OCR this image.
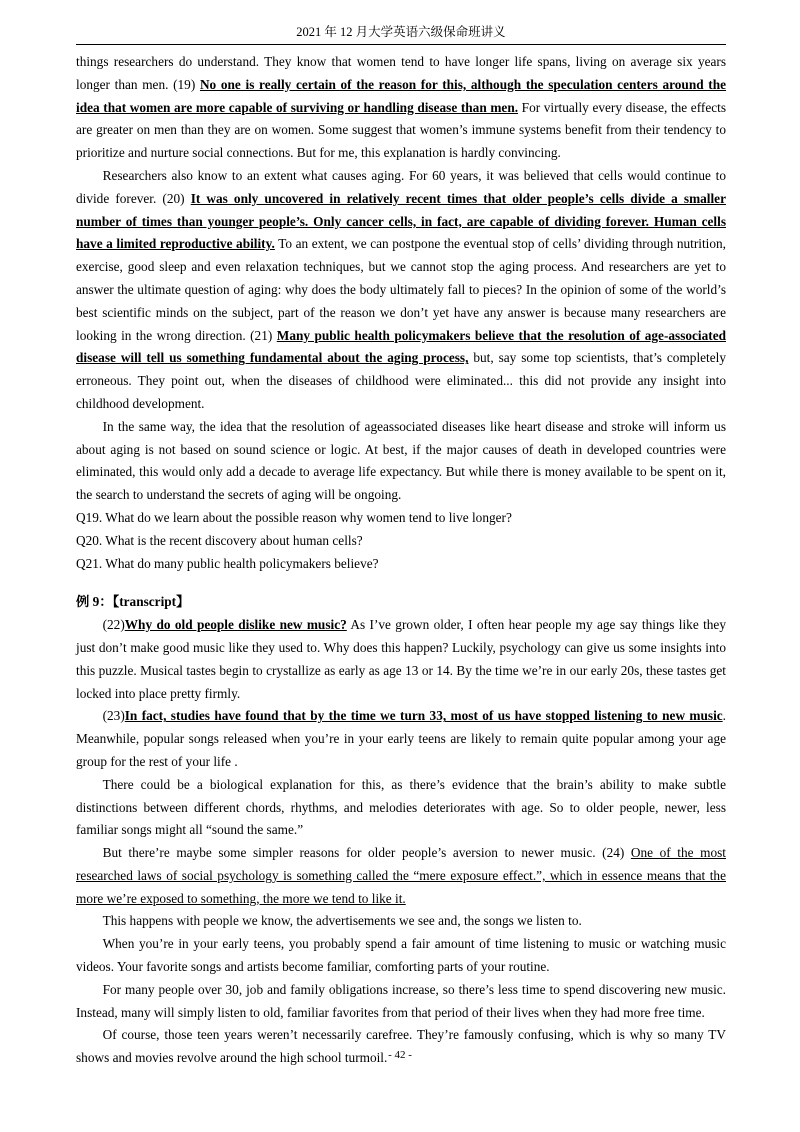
2021 年 12 月大学英语六级保命班讲义

things researchers do understand. They know that women tend to have longer life spans, living on average six years longer than men. (19) No one is really certain of the reason for this, although the speculation centers around the idea that women are more capable of surviving or handling disease than men. For virtually every disease, the effects are greater on men than they are on women. Some suggest that women’s immune systems benefit from their tendency to prioritize and nurture social connections. But for me, this explanation is hardly convincing.

Researchers also know to an extent what causes aging. For 60 years, it was believed that cells would continue to divide forever. (20) It was only uncovered in relatively recent times that older people’s cells divide a smaller number of times than younger people’s. Only cancer cells, in fact, are capable of dividing forever. Human cells have a limited reproductive ability. To an extent, we can postpone the eventual stop of cells’ dividing through nutrition, exercise, good sleep and even relaxation techniques, but we cannot stop the aging process. And researchers are yet to answer the ultimate question of aging: why does the body ultimately fall to pieces? In the opinion of some of the world’s best scientific minds on the subject, part of the reason we don’t yet have any answer is because many researchers are looking in the wrong direction. (21) Many public health policymakers believe that the resolution of age-associated disease will tell us something fundamental about the aging process, but, say some top scientists, that’s completely erroneous. They point out, when the diseases of childhood were eliminated... this did not provide any insight into childhood development.

In the same way, the idea that the resolution of ageassociated diseases like heart disease and stroke will inform us about aging is not based on sound science or logic. At best, if the major causes of death in developed countries were eliminated, this would only add a decade to average life expectancy. But while there is money available to be spent on it, the search to understand the secrets of aging will be ongoing.

Q19. What do we learn about the possible reason why women tend to live longer?

Q20. What is the recent discovery about human cells?

Q21. What do many public health policymakers believe?

例 9：【transcript】

(22)Why do old people dislike new music? As I’ve grown older, I often hear people my age say things like they just don’t make good music like they used to. Why does this happen? Luckily, psychology can give us some insights into this puzzle. Musical tastes begin to crystallize as early as age 13 or 14. By the time we’re in our early 20s, these tastes get locked into place pretty firmly.

(23)In fact, studies have found that by the time we turn 33, most of us have stopped listening to new music. Meanwhile, popular songs released when you’re in your early teens are likely to remain quite popular among your age group for the rest of your life .

There could be a biological explanation for this, as there’s evidence that the brain’s ability to make subtle distinctions between different chords, rhythms, and melodies deteriorates with age. So to older people, newer, less familiar songs might all “sound the same.”

But there’re maybe some simpler reasons for older people’s aversion to newer music. (24) One of the most researched laws of social psychology is something called the “mere exposure effect.”, which in essence means that the more we’re exposed to something, the more we tend to like it.

This happens with people we know, the advertisements we see and, the songs we listen to.

When you’re in your early teens, you probably spend a fair amount of time listening to music or watching music videos. Your favorite songs and artists become familiar, comforting parts of your routine.

For many people over 30, job and family obligations increase, so there’s less time to spend discovering new music. Instead, many will simply listen to old, familiar favorites from that period of their lives when they had more free time.

Of course, those teen years weren’t necessarily carefree. They’re famously confusing, which is why so many TV shows and movies revolve around the high school turmoil. - 42 -
